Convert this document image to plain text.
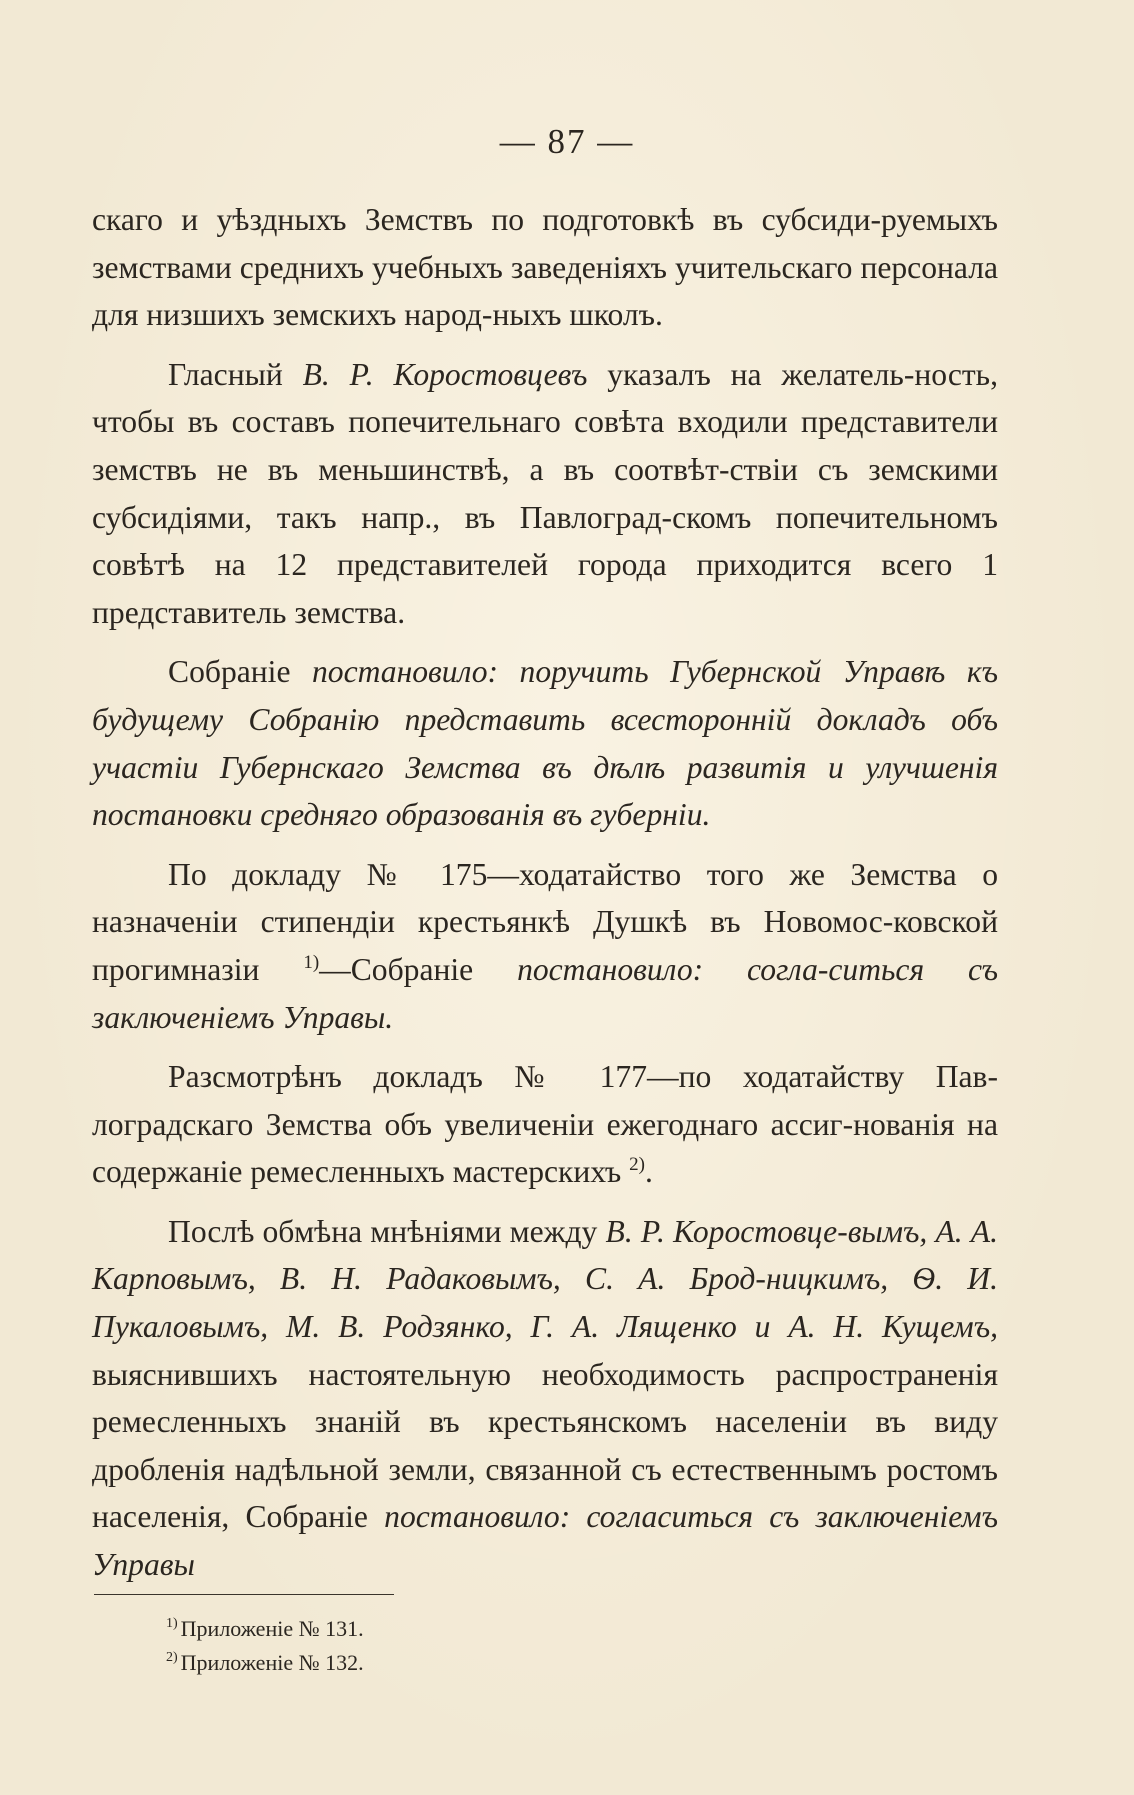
— 87 —

скаго и уѣздныхъ Земствъ по подготовкѣ въ субсиди-руемыхъ земствами среднихъ учебныхъ заведеніяхъ учительскаго персонала для низшихъ земскихъ народ-ныхъ школъ.

Гласный В. Р. Коростовцевъ указалъ на желатель-ность, чтобы въ составъ попечительнаго совѣта входили представители земствъ не въ меньшинствѣ, а въ соотвѣт-ствіи съ земскими субсидіями, такъ напр., въ Павлоград-скомъ попечительномъ совѣтѣ на 12 представителей города приходится всего 1 представитель земства.

Собраніе постановило: поручить Губернской Управѣ къ будущему Собранію представить всесторонній докладъ объ участіи Губернскаго Земства въ дѣлѣ развитія и улучшенія постановки средняго образованія въ губерніи.

По докладу № 175—ходатайство того же Земства о назначеніи стипендіи крестьянкѣ Душкѣ въ Новомос-ковской прогимназіи $^{1)}$—Собраніе постановило: согла-ситься съ заключеніемъ Управы.

Разсмотрѣнъ докладъ № 177—по ходатайству Пав-лоградскаго Земства объ увеличеніи ежегоднаго ассиг-нованія на содержаніе ремесленныхъ мастерскихъ $^{2)}$.

Послѣ обмѣна мнѣніями между В. Р. Коростовце-вымъ, А. А. Карповымъ, В. Н. Радаковымъ, С. А. Брод-ницкимъ, Ѳ. И. Пукаловымъ, М. В. Родзянко, Г. А. Лященко и А. Н. Кущемъ, выяснившихъ настоятельную необходимость распространенія ремесленныхъ знаній въ крестьянскомъ населеніи въ виду дробленія надѣльной земли, связанной съ естественнымъ ростомъ населенія, Собраніе постановило: согласиться съ заключеніемъ Управы

$^{1)}$ Приложеніе № 131.
$^{2)}$ Приложеніе № 132.
